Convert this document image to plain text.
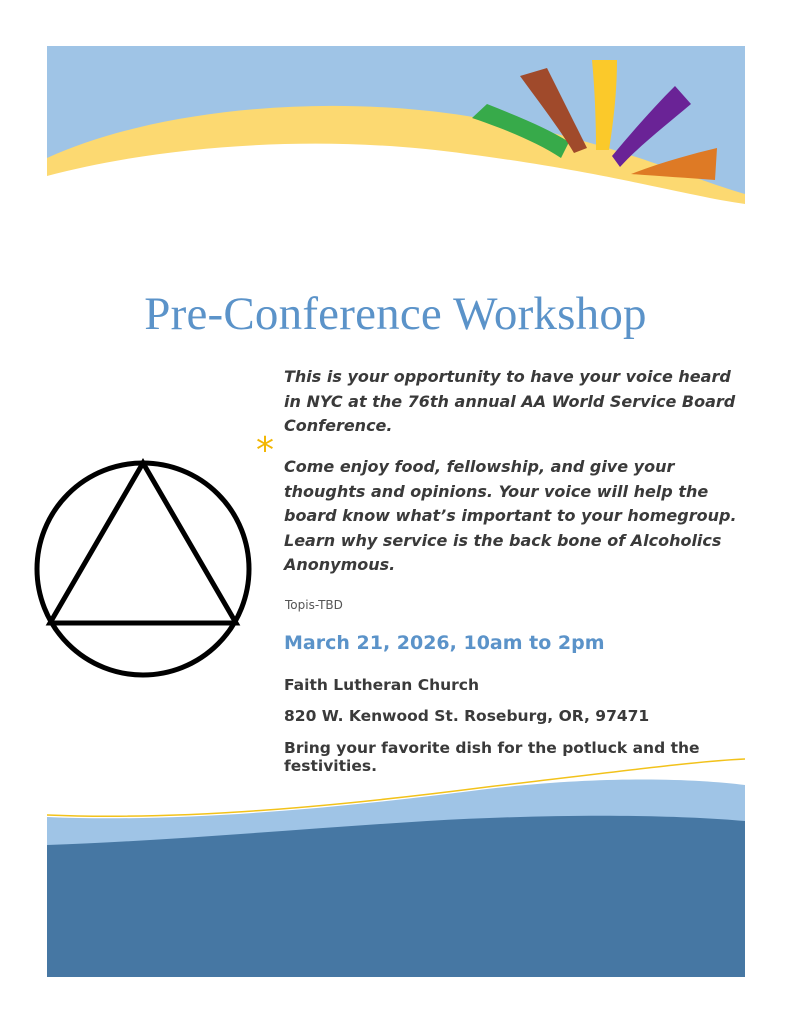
Pre-Conference Workshop

This is your opportunity to have your voice heard in NYC at the 76th annual AA World Service Board Conference.

* Come enjoy food, fellowship, and give your thoughts and opinions. Your voice will help the board know what’s important to your homegroup. Learn why service is the back bone of Alcoholics Anonymous.

Topis-TBD
March 21, 2026, 10am to 2pm
Faith Lutheran Church
820 W. Kenwood St. Roseburg, OR, 97471

Bring your favorite dish for the potluck and the festivities.
